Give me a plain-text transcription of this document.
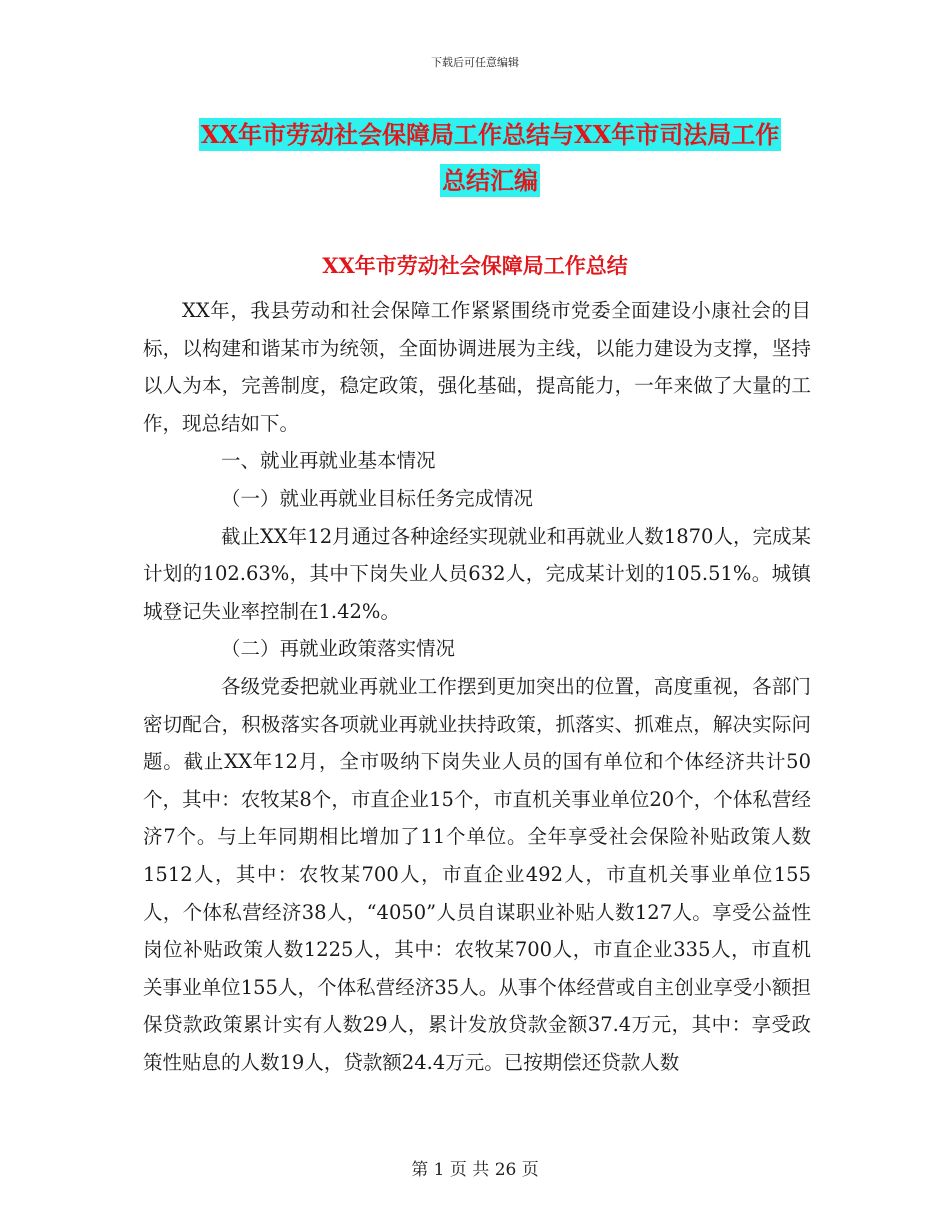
下载后可任意编辑
XX年市劳动社会保障局工作总结与XX年市司法局工作
总结汇编
XX年市劳动社会保障局工作总结

XX年，我县劳动和社会保障工作紧紧围绕市党委全面建设小康社会的目标，以构建和谐某市为统领，全面协调进展为主线，以能力建设为支撑，坚持以人为本，完善制度，稳定政策，强化基础，提高能力，一年来做了大量的工作，现总结如下。

一、就业再就业基本情况

（一）就业再就业目标任务完成情况

截止XX年12月通过各种途经实现就业和再就业人数1870人，完成某计划的102.63%，其中下岗失业人员632人，完成某计划的105.51%。城镇城登记失业率控制在1.42%。

（二）再就业政策落实情况

各级党委把就业再就业工作摆到更加突出的位置，高度重视，各部门密切配合，积极落实各项就业再就业扶持政策，抓落实、抓难点，解决实际问题。截止XX年12月，全市吸纳下岗失业人员的国有单位和个体经济共计50个，其中：农牧某8个，市直企业15个，市直机关事业单位20个，个体私营经济7个。与上年同期相比增加了11个单位。全年享受社会保险补贴政策人数1512人，其中：农牧某700人，市直企业492人，市直机关事业单位155人，个体私营经济38人，“4050”人员自谋职业补贴人数127人。享受公益性岗位补贴政策人数1225人，其中：农牧某700人，市直企业335人，市直机关事业单位155人，个体私营经济35人。从事个体经营或自主创业享受小额担保贷款政策累计实有人数29人，累计发放贷款金额37.4万元，其中：享受政策性贴息的人数19人，贷款额24.4万元。已按期偿还贷款人数

第 1 页 共 26 页
